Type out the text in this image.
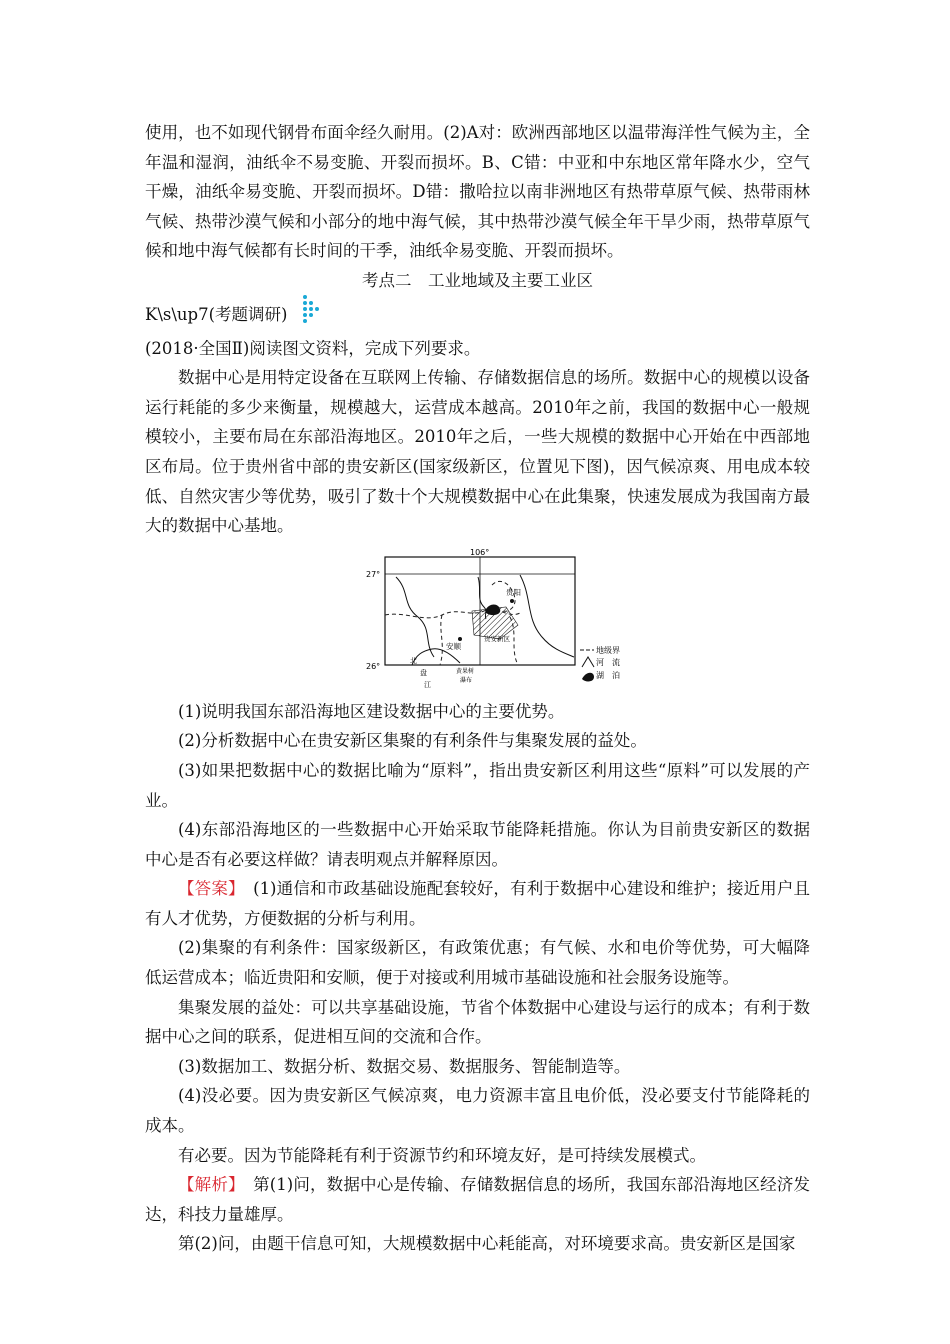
使用，也不如现代钢骨布面伞经久耐用。(2)A对：欧洲西部地区以温带海洋性气候为主，全年温和湿润，油纸伞不易变脆、开裂而损坏。B、C错：中亚和中东地区常年降水少，空气干燥，油纸伞易变脆、开裂而损坏。D错：撒哈拉以南非洲地区有热带草原气候、热带雨林气候、热带沙漠气候和小部分的地中海气候，其中热带沙漠气候全年干旱少雨，热带草原气候和地中海气候都有长时间的干季，油纸伞易变脆、开裂而损坏。

考点二　工业地域及主要工业区

K\s\up7(考题调研)

(2018·全国Ⅱ)阅读图文资料，完成下列要求。

数据中心是用特定设备在互联网上传输、存储数据信息的场所。数据中心的规模以设备运行耗能的多少来衡量，规模越大，运营成本越高。2010年之前，我国的数据中心一般规模较小，主要布局在东部沿海地区。2010年之后，一些大规模的数据中心开始在中西部地区布局。位于贵州省中部的贵安新区(国家级新区，位置见下图)，因气候凉爽、用电成本较低、自然灾害少等优势，吸引了数十个大规模数据中心在此集聚，快速发展成为我国南方最大的数据中心基地。

106°
27°
26°
贵阳
安顺
贵安新区
北
盘
江
黄果树
瀑布
地级界
河　流
湖　泊

(1)说明我国东部沿海地区建设数据中心的主要优势。

(2)分析数据中心在贵安新区集聚的有利条件与集聚发展的益处。

(3)如果把数据中心的数据比喻为“原料”，指出贵安新区利用这些“原料”可以发展的产业。

(4)东部沿海地区的一些数据中心开始采取节能降耗措施。你认为目前贵安新区的数据中心是否有必要这样做？请表明观点并解释原因。

【答案】　(1)通信和市政基础设施配套较好，有利于数据中心建设和维护；接近用户且有人才优势，方便数据的分析与利用。

(2)集聚的有利条件：国家级新区，有政策优惠；有气候、水和电价等优势，可大幅降低运营成本；临近贵阳和安顺，便于对接或利用城市基础设施和社会服务设施等。

集聚发展的益处：可以共享基础设施，节省个体数据中心建设与运行的成本；有利于数据中心之间的联系，促进相互间的交流和合作。

(3)数据加工、数据分析、数据交易、数据服务、智能制造等。

(4)没必要。因为贵安新区气候凉爽，电力资源丰富且电价低，没必要支付节能降耗的成本。

有必要。因为节能降耗有利于资源节约和环境友好，是可持续发展模式。

【解析】　第(1)问，数据中心是传输、存储数据信息的场所，我国东部沿海地区经济发达，科技力量雄厚。

第(2)问，由题干信息可知，大规模数据中心耗能高，对环境要求高。贵安新区是国家
